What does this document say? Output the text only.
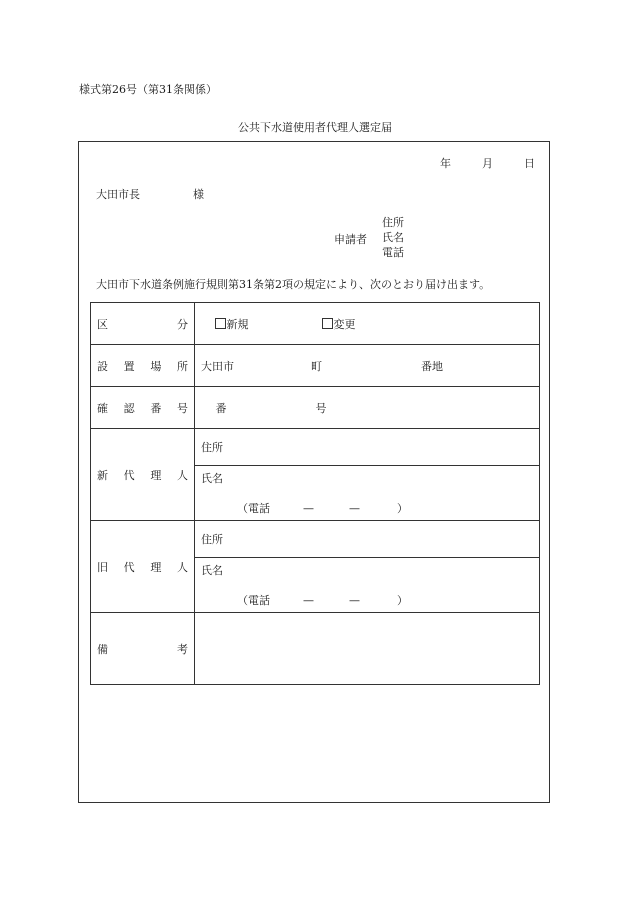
様式第26号（第31条関係）
公共下水道使用者代理人選定届
年	月	日
大田市長	様
申請者
住所
氏名
電話
大田市下水道条例施行規則第31条第2項の規定により、次のとおり届け出ます。
区 分	新規 変更

設 置 場 所	大田市 町 番地

確 認 番 号	番 号

新 代 理 人	住所

	氏名
（電話 — — ）

旧 代 理 人	住所

	氏名
（電話 — — ）

備 考	
